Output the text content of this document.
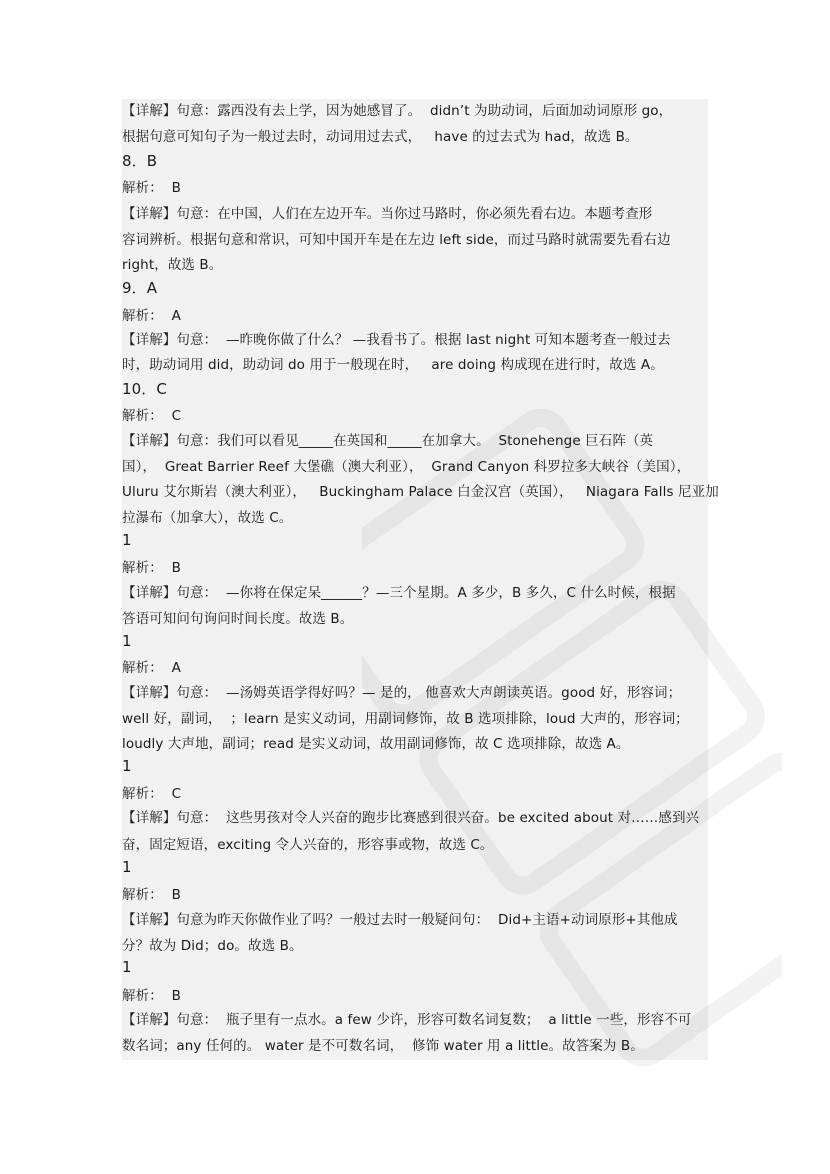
【详解】句意：露西没有去上学，因为她感冒了。  didn’t 为助动词，后面加动词原形 go，
根据句意可知句子为一般过去时，动词用过去式，   have 的过去式为 had，故选 B。
8．B
解析：  B
【详解】句意：在中国，人们在左边开车。当你过马路时，你必须先看右边。本题考查形
容词辨析。根据句意和常识，可知中国开车是在左边 left side，而过马路时就需要先看右边
right，故选 B。
9．A
解析：  A
【详解】句意：  —昨晚你做了什么？ —我看书了。根据 last night 可知本题考查一般过去
时，助动词用 did，助动词 do 用于一般现在时，   are doing 构成现在进行时，故选 A。
10．C
解析：  C
【详解】句意：我们可以看见_____在英国和_____在加拿大。  Stonehenge 巨石阵（英
国），  Great Barrier Reef 大堡礁（澳大利亚），  Grand Canyon 科罗拉多大峡谷（美国），
Uluru 艾尔斯岩（澳大利亚），   Buckingham Palace 白金汉宫（英国），   Niagara Falls 尼亚加
拉瀑布（加拿大），故选 C。
1
解析：  B
【详解】句意：  —你将在保定呆______？—三个星期。A 多少，B 多久，C 什么时候，根据
答语可知问句询问时间长度。故选 B。
1
解析：  A
【详解】句意：  —汤姆英语学得好吗？— 是的， 他喜欢大声朗读英语。good 好，形容词；
well 好，副词，  ；learn 是实义动词，用副词修饰，故 B 选项排除，loud 大声的，形容词；
loudly 大声地，副词；read 是实义动词，故用副词修饰，故 C 选项排除，故选 A。
1
解析：  C
【详解】句意：  这些男孩对令人兴奋的跑步比赛感到很兴奋。be excited about 对……感到兴
奋，固定短语，exciting 令人兴奋的，形容事或物，故选 C。
1
解析：  B
【详解】句意为昨天你做作业了吗？一般过去时一般疑问句：  Did+主语+动词原形+其他成
分？故为 Did；do。故选 B。
1
解析：  B
【详解】句意：  瓶子里有一点水。a few 少许，形容可数名词复数；  a little 一些，形容不可
数名词；any 任何的。 water 是不可数名词，  修饰 water 用 a little。故答案为 B。
